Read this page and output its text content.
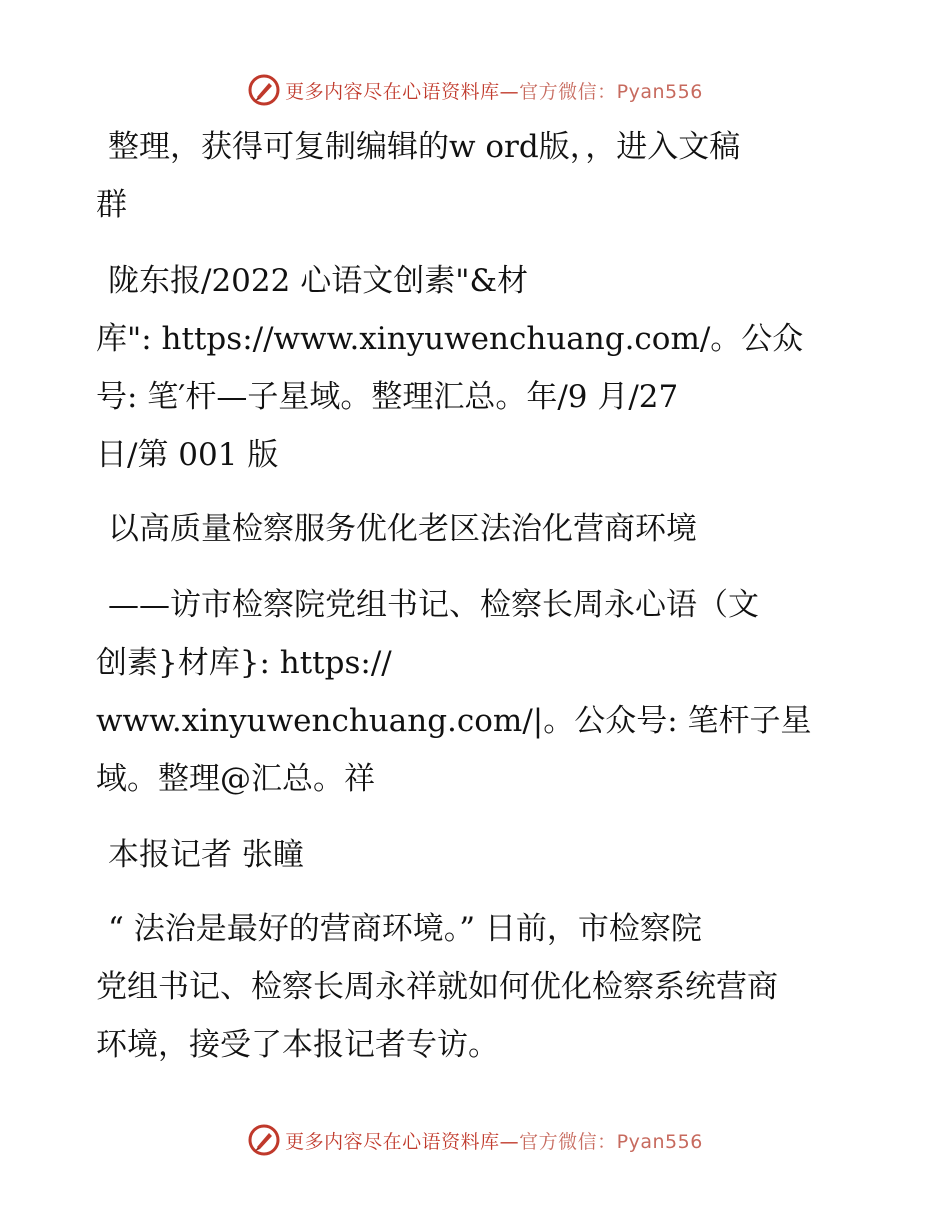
更多内容尽在心语资料库—官方微信：Pyan556
整理，获得可复制编辑的w ord版，，进入文稿
群
陇东报/2022 心语文创素"&材
库": https://www.xinyuwenchuang.com/。公众
号: 笔′杆—子星域。整理汇总。年/9 月/27
日/第 001 版
以高质量检察服务优化老区法治化营商环境
——访市检察院党组书记、检察长周永心语（文
创素}材库}: https://
www.xinyuwenchuang.com/|。公众号: 笔杆子星
域。整理@汇总。祥
本报记者 张瞳
“ 法治是最好的营商环境。” 日前，市检察院
党组书记、检察长周永祥就如何优化检察系统营商
环境，接受了本报记者专访。
更多内容尽在心语资料库—官方微信：Pyan556
